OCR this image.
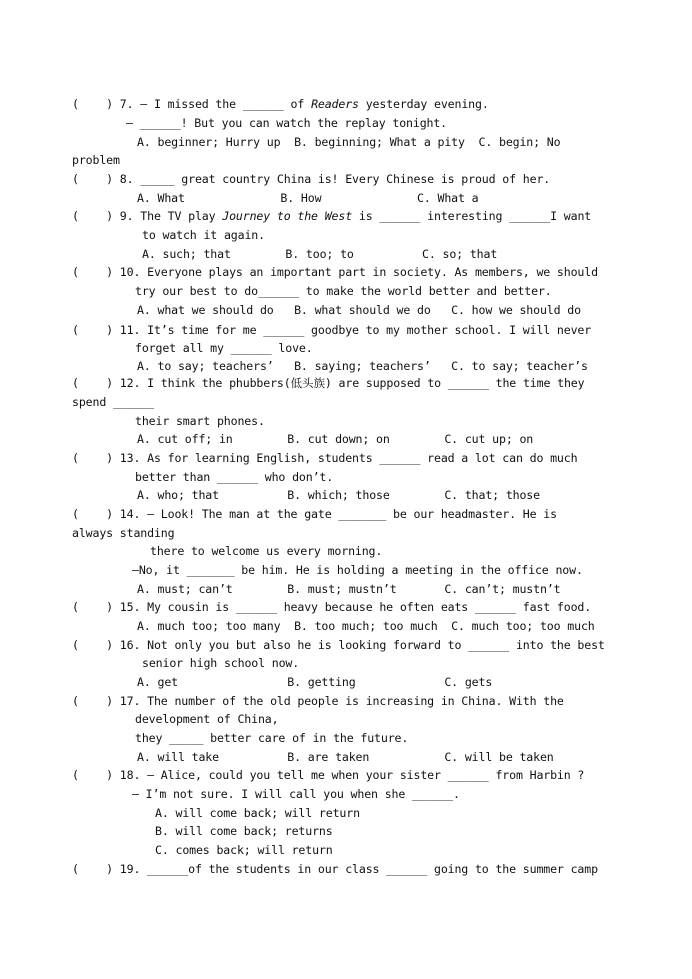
(    ) 7. — I missed the ______ of Readers yesterday evening.
— ______! But you can watch the replay tonight.
A. beginner; Hurry up  B. beginning; What a pity  C. begin; No
problem
(    ) 8. _____ great country China is! Every Chinese is proud of her.
A. What              B. How              C. What a
(    ) 9. The TV play Journey to the West is ______ interesting ______I want
to watch it again.
A. such; that        B. too; to          C. so; that
(    ) 10. Everyone plays an important part in society. As members, we should
try our best to do______ to make the world better and better.
A. what we should do   B. what should we do   C. how we should do
(    ) 11. It’s time for me ______ goodbye to my mother school. I will never
forget all my ______ love.
A. to say; teachers’   B. saying; teachers’   C. to say; teacher’s
(    ) 12. I think the phubbers(低头族) are supposed to ______ the time they
spend ______
their smart phones.
A. cut off; in        B. cut down; on        C. cut up; on
(    ) 13. As for learning English, students ______ read a lot can do much
better than ______ who don’t.
A. who; that          B. which; those        C. that; those
(    ) 14. — Look! The man at the gate _______ be our headmaster. He is
always standing
there to welcome us every morning.
—No, it _______ be him. He is holding a meeting in the office now.
A. must; can’t        B. must; mustn’t       C. can’t; mustn’t
(    ) 15. My cousin is ______ heavy because he often eats ______ fast food.
A. much too; too many  B. too much; too much  C. much too; too much
(    ) 16. Not only you but also he is looking forward to ______ into the best
senior high school now.
A. get                B. getting             C. gets
(    ) 17. The number of the old people is increasing in China. With the
development of China,
they _____ better care of in the future.
A. will take          B. are taken           C. will be taken
(    ) 18. — Alice, could you tell me when your sister ______ from Harbin ?
— I’m not sure. I will call you when she ______.
A. will come back; will return
B. will come back; returns
C. comes back; will return
(    ) 19. ______of the students in our class ______ going to the summer camp
